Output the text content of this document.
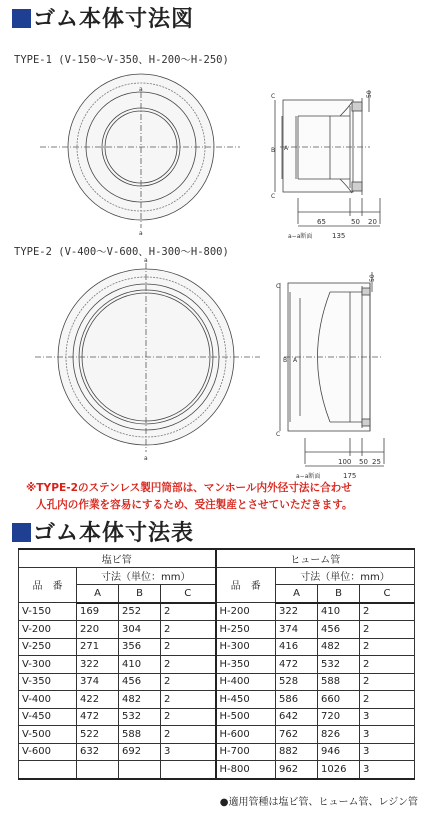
ゴム本体寸法図
TYPE-1 (V-150～V-350、H-200～H-250)
a
a
C
B A
C
50
65	50 20
135
a−a断面
TYPE-2 (V-400～V-600、H-300～H-800)
a
a
C
B A
C
50
100 50 25
175
a−a断面
※TYPE-2のステンレス製円筒部は、マンホール内外径寸法に合わせ

人孔内の作業を容易にするため、受注製産とさせていただきます。
ゴム本体寸法表
塩ビ管				ヒューム管			
品　番	寸法（単位：mm）			品　番	寸法（単位：mm）		
	A	B	C		A	B	C
V-150	169	252	2	H-200	322	410	2
V-200	220	304	2	H-250	374	456	2
V-250	271	356	2	H-300	416	482	2
V-300	322	410	2	H-350	472	532	2
V-350	374	456	2	H-400	528	588	2
V-400	422	482	2	H-450	586	660	2
V-450	472	532	2	H-500	642	720	3
V-500	522	588	2	H-600	762	826	3
V-600	632	692	3	H-700	882	946	3
				H-800	962	1026	3
●適用管種は塩ビ管、ヒューム管、レジン管
